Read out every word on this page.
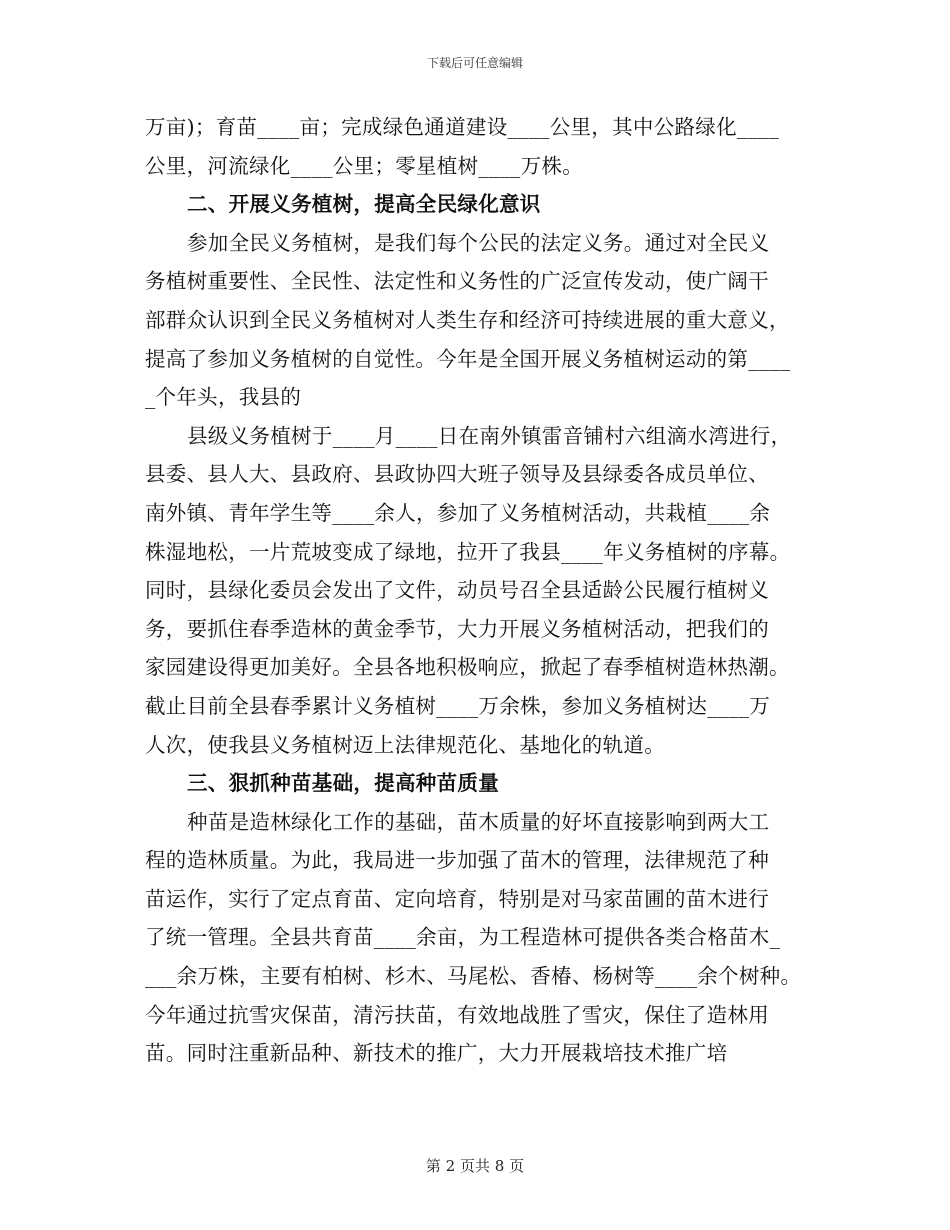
下载后可任意编辑
万亩)；育苗____亩；完成绿色通道建设____公里，其中公路绿化____
公里，河流绿化____公里；零星植树____万株。
二、开展义务植树，提高全民绿化意识
参加全民义务植树，是我们每个公民的法定义务。通过对全民义
务植树重要性、全民性、法定性和义务性的广泛宣传发动，使广阔干
部群众认识到全民义务植树对人类生存和经济可持续进展的重大意义，
提高了参加义务植树的自觉性。今年是全国开展义务植树运动的第____
_个年头，我县的
县级义务植树于____月____日在南外镇雷音铺村六组滴水湾进行，
县委、县人大、县政府、县政协四大班子领导及县绿委各成员单位、
南外镇、青年学生等____余人，参加了义务植树活动，共栽植____余
株湿地松，一片荒坡变成了绿地，拉开了我县____年义务植树的序幕。
同时，县绿化委员会发出了文件，动员号召全县适龄公民履行植树义
务，要抓住春季造林的黄金季节，大力开展义务植树活动，把我们的
家园建设得更加美好。全县各地积极响应，掀起了春季植树造林热潮。
截止目前全县春季累计义务植树____万余株，参加义务植树达____万
人次，使我县义务植树迈上法律规范化、基地化的轨道。
三、狠抓种苗基础，提高种苗质量
种苗是造林绿化工作的基础，苗木质量的好坏直接影响到两大工
程的造林质量。为此，我局进一步加强了苗木的管理，法律规范了种
苗运作，实行了定点育苗、定向培育，特别是对马家苗圃的苗木进行
了统一管理。全县共育苗____余亩，为工程造林可提供各类合格苗木_
___余万株，主要有柏树、杉木、马尾松、香椿、杨树等____余个树种。
今年通过抗雪灾保苗，清污扶苗，有效地战胜了雪灾，保住了造林用
苗。同时注重新品种、新技术的推广，大力开展栽培技术推广培
第 2 页共 8 页
